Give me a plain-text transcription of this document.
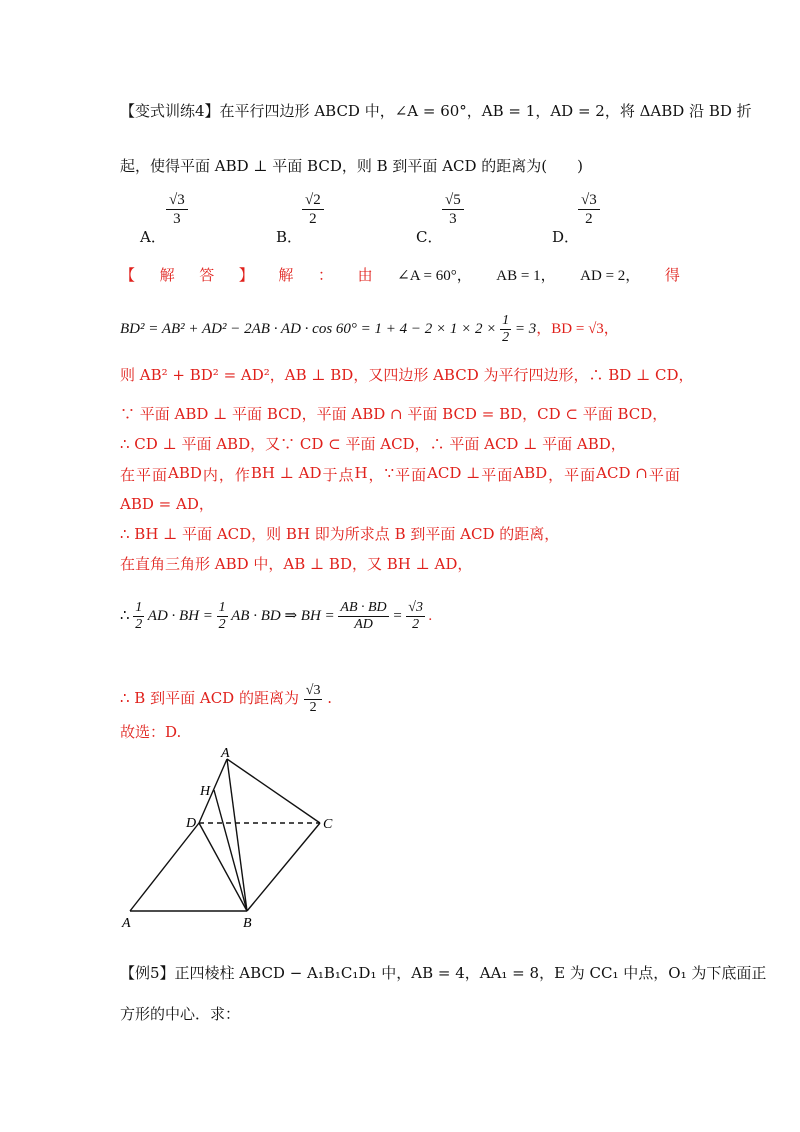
【变式训练4】在平行四边形 ABCD 中，∠A = 60°，AB = 1，AD = 2，将 ΔABD 沿 BD 折
起，使得平面 ABD ⊥ 平面 BCD，则 B 到平面 ACD 的距离为(　　)
A．
$\frac{√3}{3}$
B．
$\frac{√2}{2}$
C．
$\frac{√5}{3}$
D．
$\frac{√3}{2}$
【 解 答 】 解 ： 由 ∠A = 60°， AB = 1， AD = 2， 得
BD² = AB² + AD² − 2AB · AD · $\cos 60^\circ = 1 + 4 - 2 \times 1 \times 2 \times \frac{1}{2} = 3$，BD = √3，
则 AB² + BD² = AD²，AB ⊥ BD，又四边形 ABCD 为平行四边形，∴ BD ⊥ CD，
∵ 平面 ABD ⊥ 平面 BCD，平面 ABD ∩ 平面 BCD = BD，CD ⊂ 平面 BCD，
∴ CD ⊥ 平面 ABD，又∵ CD ⊂ 平面 ACD，∴ 平面 ACD ⊥ 平面 ABD，
在 平 面 ABD 内 ， 作 BH ⊥ AD 于 点 H ， ∵ 平 面 ACD ⊥ 平 面 ABD ， 平 面 ACD ∩ 平 面
ABD = AD，
∴ BH ⊥ 平面 ACD，则 BH 即为所求点 B 到平面 ACD 的距离，
在直角三角形 ABD 中，AB ⊥ BD，又 BH ⊥ AD，
∴ $\frac{1}{2}$ AD · BH = $\frac{1}{2}$ AB · BD ⇒ BH = $\frac{AB \cdot BD}{AD} = \frac{√3}{2}$ .
∴ B 到平面 ACD 的距离为 $\frac{√3}{2}$ .
故选：D.
A
H
D	C
A	B
【例5】正四棱柱 ABCD − A₁B₁C₁D₁ 中，AB = 4，AA₁ = 8，E 为 CC₁ 中点，O₁ 为下底面正
方形的中心．求：
